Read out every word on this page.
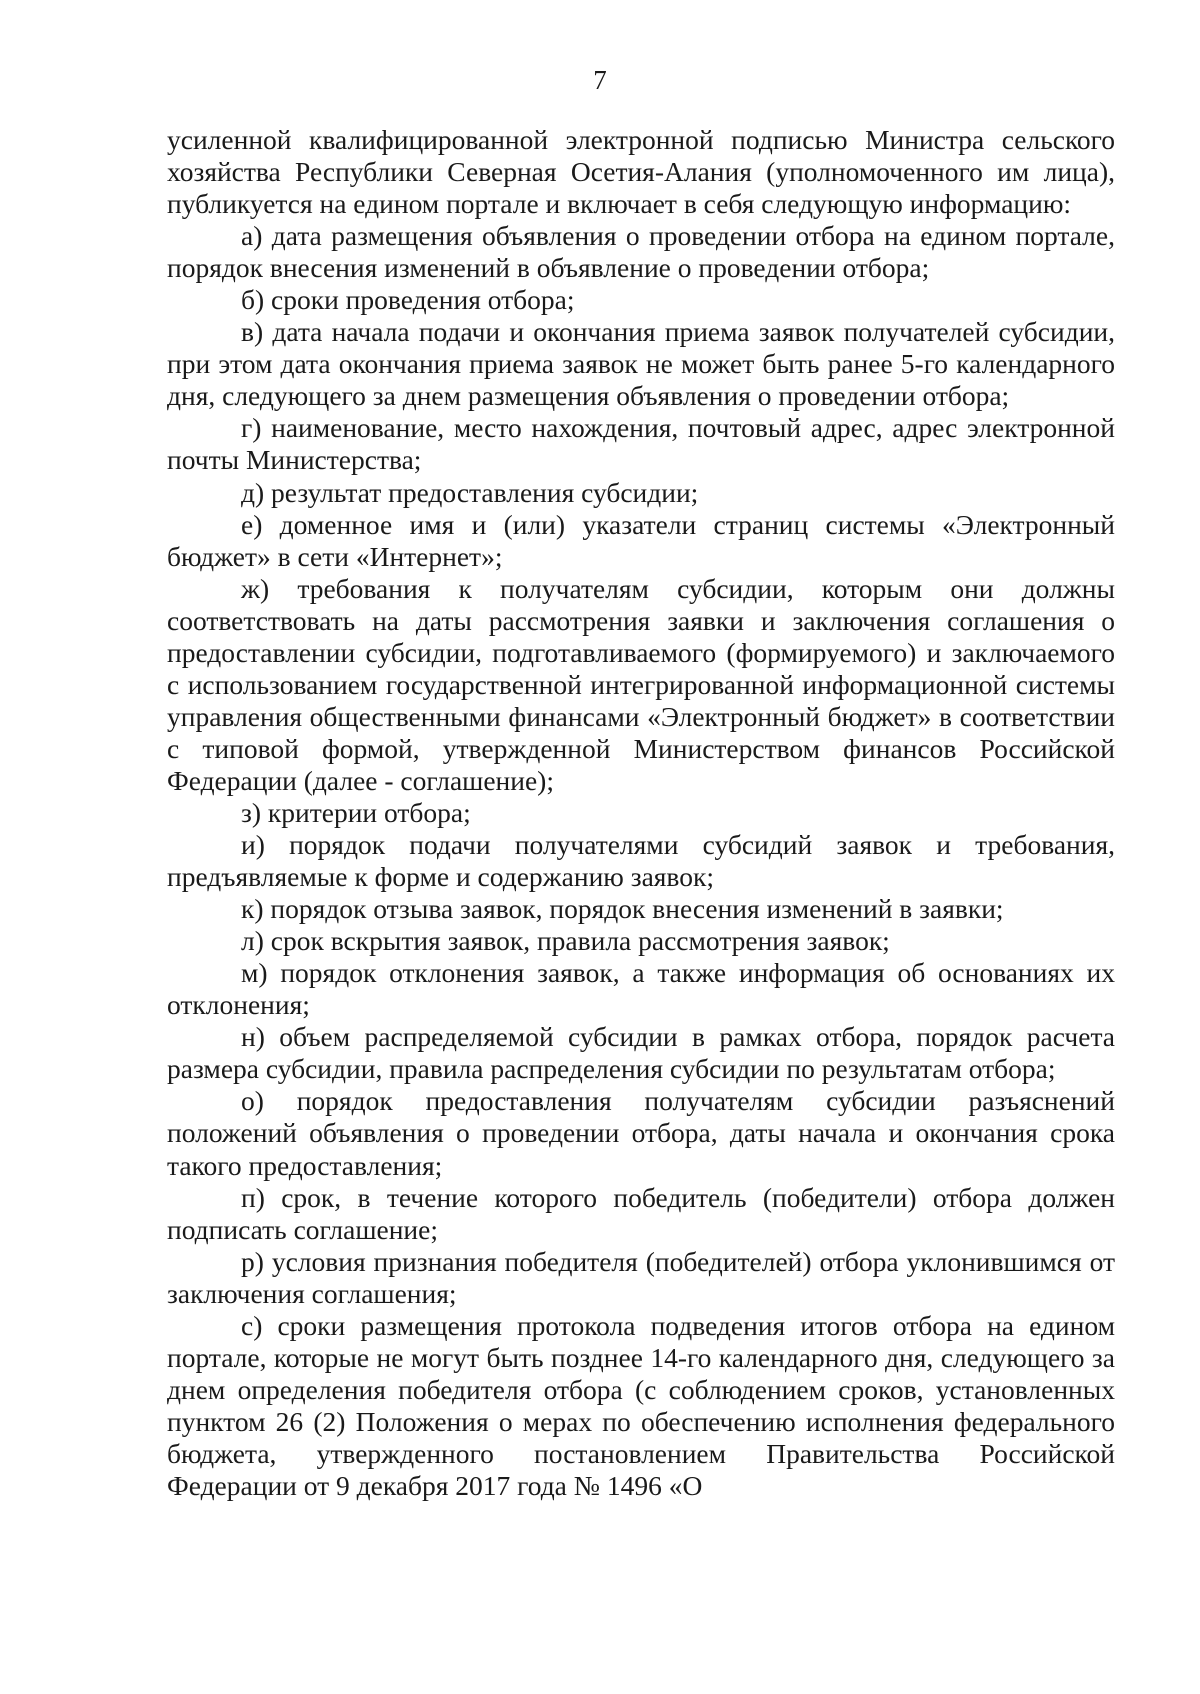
7

усиленной квалифицированной электронной подписью Министра сельского хозяйства Республики Северная Осетия-Алания (уполномоченного им лица), публикуется на едином портале и включает в себя следующую информацию:

а) дата размещения объявления о проведении отбора на едином портале, порядок внесения изменений в объявление о проведении отбора;

б) сроки проведения отбора;

в) дата начала подачи и окончания приема заявок получателей субсидии, при этом дата окончания приема заявок не может быть ранее 5-го календарного дня, следующего за днем размещения объявления о проведении отбора;

г) наименование, место нахождения, почтовый адрес, адрес электронной почты Министерства;

д) результат предоставления субсидии;

е) доменное имя и (или) указатели страниц системы «Электронный бюджет» в сети «Интернет»;

ж) требования к получателям субсидии, которым они должны соответствовать на даты рассмотрения заявки и заключения соглашения о предоставлении субсидии, подготавливаемого (формируемого) и заключаемого с использованием государственной интегрированной информационной системы управления общественными финансами «Электронный бюджет» в соответствии с типовой формой, утвержденной Министерством финансов Российской Федерации (далее - соглашение);

з) критерии отбора;

и) порядок подачи получателями субсидий заявок и требования, предъявляемые к форме и содержанию заявок;

к) порядок отзыва заявок, порядок внесения изменений в заявки;

л) срок вскрытия заявок, правила рассмотрения заявок;

м) порядок отклонения заявок, а также информация об основаниях их отклонения;

н) объем распределяемой субсидии в рамках отбора, порядок расчета размера субсидии, правила распределения субсидии по результатам отбора;

о) порядок предоставления получателям субсидии разъяснений положений объявления о проведении отбора, даты начала и окончания срока такого предоставления;

п) срок, в течение которого победитель (победители) отбора должен подписать соглашение;

р) условия признания победителя (победителей) отбора уклонившимся от заключения соглашения;

с) сроки размещения протокола подведения итогов отбора на едином портале, которые не могут быть позднее 14-го календарного дня, следующего за днем определения победителя отбора (с соблюдением сроков, установленных пунктом 26 (2) Положения о мерах по обеспечению исполнения федерального бюджета, утвержденного постановлением Правительства Российской Федерации от 9 декабря 2017 года № 1496 «О
